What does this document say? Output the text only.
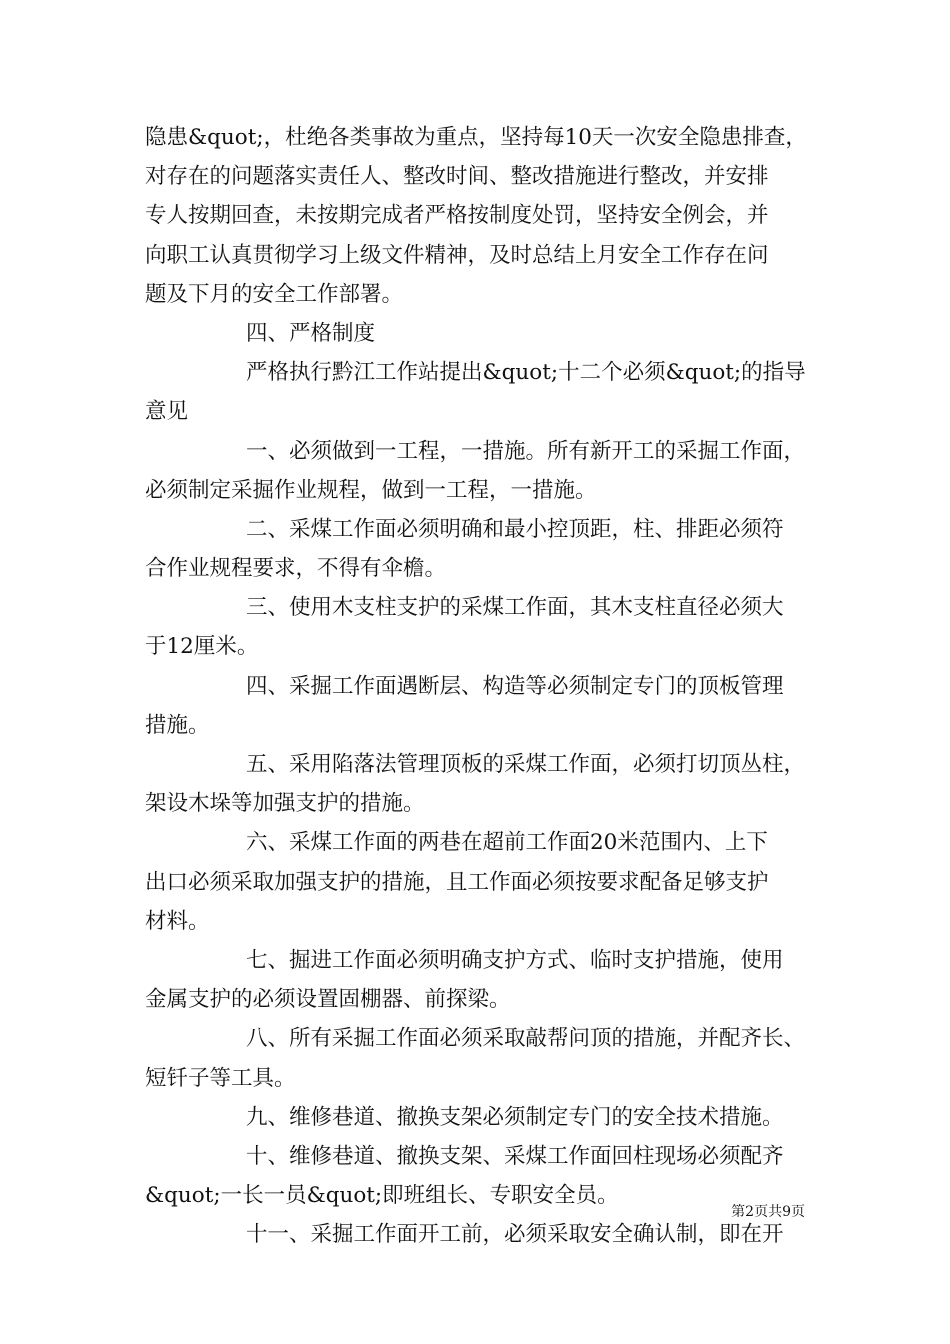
隐患&quot;，杜绝各类事故为重点，坚持每10天一次安全隐患排查，
对存在的问题落实责任人、整改时间、整改措施进行整改，并安排
专人按期回查，未按期完成者严格按制度处罚，坚持安全例会，并
向职工认真贯彻学习上级文件精神，及时总结上月安全工作存在问
题及下月的安全工作部署。
四、严格制度
严格执行黔江工作站提出&quot;十二个必须&quot;的指导
意见
一、必须做到一工程，一措施。所有新开工的采掘工作面，
必须制定采掘作业规程，做到一工程，一措施。
二、采煤工作面必须明确和最小控顶距，柱、排距必须符
合作业规程要求，不得有伞檐。
三、使用木支柱支护的采煤工作面，其木支柱直径必须大
于12厘米。
四、采掘工作面遇断层、构造等必须制定专门的顶板管理
措施。
五、采用陷落法管理顶板的采煤工作面，必须打切顶丛柱，
架设木垛等加强支护的措施。
六、采煤工作面的两巷在超前工作面20米范围内、上下
出口必须采取加强支护的措施，且工作面必须按要求配备足够支护
材料。
七、掘进工作面必须明确支护方式、临时支护措施，使用
金属支护的必须设置固棚器、前探梁。
八、所有采掘工作面必须采取敲帮问顶的措施，并配齐长、
短钎子等工具。
九、维修巷道、撤换支架必须制定专门的安全技术措施。
十、维修巷道、撤换支架、采煤工作面回柱现场必须配齐
&quot;一长一员&quot;即班组长、专职安全员。
十一、采掘工作面开工前，必须采取安全确认制，即在开
第2页共9页
